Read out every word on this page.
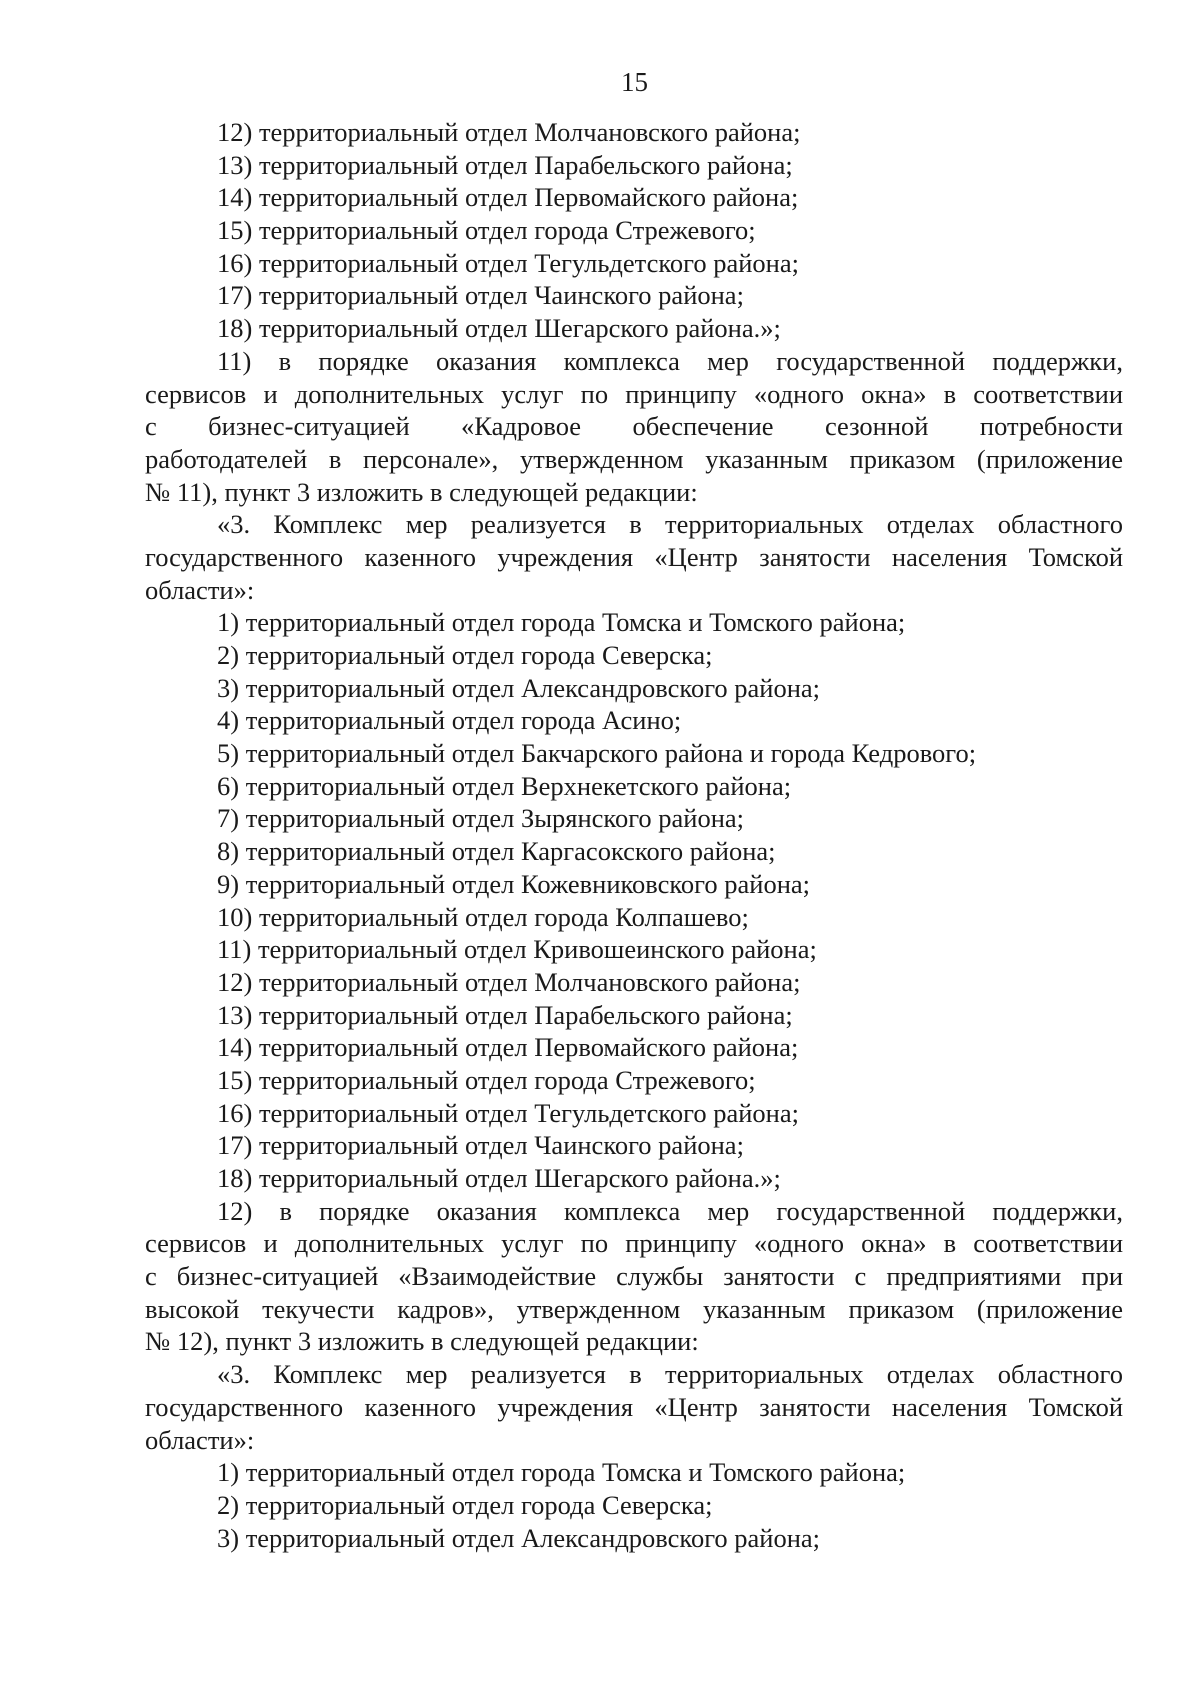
15
12) территориальный отдел Молчановского района;
13) территориальный отдел Парабельского района;
14) территориальный отдел Первомайского района;
15) территориальный отдел города Стрежевого;
16) территориальный отдел Тегульдетского района;
17) территориальный отдел Чаинского района;
18) территориальный отдел Шегарского района.»;
11) в порядке оказания комплекса мер государственной поддержки,
сервисов и дополнительных услуг по принципу «одного окна» в соответствии
с бизнес-ситуацией «Кадровое обеспечение сезонной потребности
работодателей в персонале», утвержденном указанным приказом (приложение
№ 11), пункт 3 изложить в следующей редакции:
«3. Комплекс мер реализуется в территориальных отделах областного
государственного казенного учреждения «Центр занятости населения Томской
области»:
1) территориальный отдел города Томска и Томского района;
2) территориальный отдел города Северска;
3) территориальный отдел Александровского района;
4) территориальный отдел города Асино;
5) территориальный отдел Бакчарского района и города Кедрового;
6) территориальный отдел Верхнекетского района;
7) территориальный отдел Зырянского района;
8) территориальный отдел Каргасокского района;
9) территориальный отдел Кожевниковского района;
10) территориальный отдел города Колпашево;
11) территориальный отдел Кривошеинского района;
12) территориальный отдел Молчановского района;
13) территориальный отдел Парабельского района;
14) территориальный отдел Первомайского района;
15) территориальный отдел города Стрежевого;
16) территориальный отдел Тегульдетского района;
17) территориальный отдел Чаинского района;
18) территориальный отдел Шегарского района.»;
12) в порядке оказания комплекса мер государственной поддержки,
сервисов и дополнительных услуг по принципу «одного окна» в соответствии
с бизнес-ситуацией «Взаимодействие службы занятости с предприятиями при
высокой текучести кадров», утвержденном указанным приказом (приложение
№ 12), пункт 3 изложить в следующей редакции:
«3. Комплекс мер реализуется в территориальных отделах областного
государственного казенного учреждения «Центр занятости населения Томской
области»:
1) территориальный отдел города Томска и Томского района;
2) территориальный отдел города Северска;
3) территориальный отдел Александровского района;
